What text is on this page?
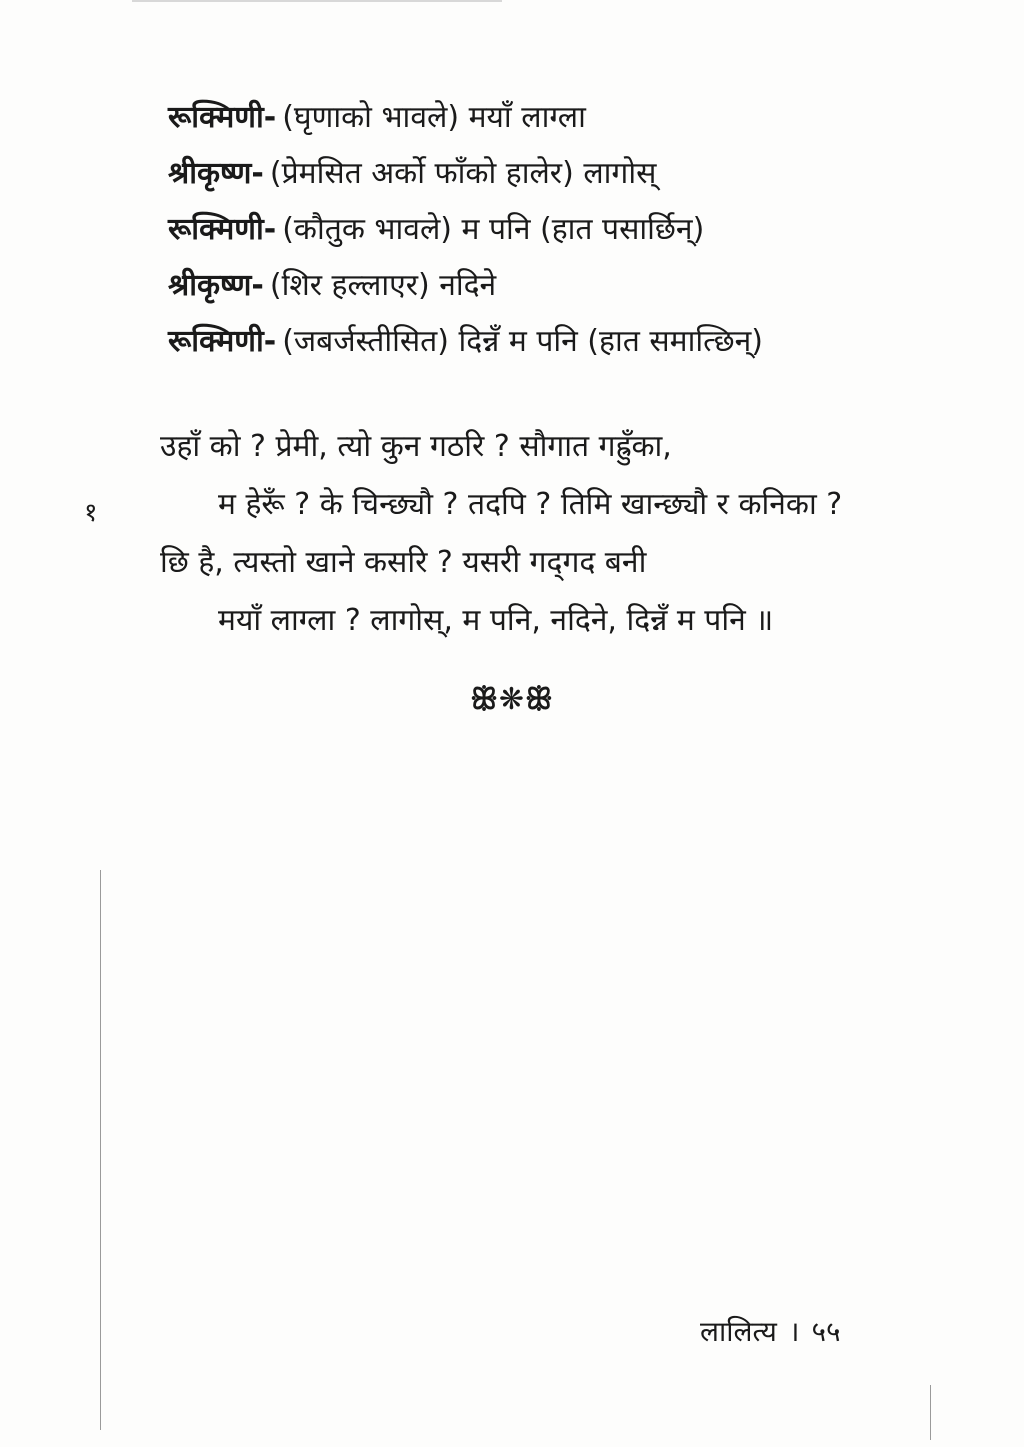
रूक्मिणी- (घृणाको भावले) मयाँ लाग्ला
श्रीकृष्ण- (प्रेमसित अर्को फाँको हालेर) लागोस्
रूक्मिणी- (कौतुक भावले) म पनि (हात पसार्छिन्)
श्रीकृष्ण- (शिर हल्लाएर) नदिने
रूक्मिणी- (जबर्जस्तीसित) दिन्नँ म पनि (हात समात्छिन्)
१
उहाँ को ? प्रेमी, त्यो कुन गठरि ? सौगात गह्रुँका,
म हेरूँ ? के चिन्छ्यौ ? तदपि ? तिमि खान्छ्यौ र कनिका ?
छि है, त्यस्तो खाने कसरि ? यसरी गद्‌गद बनी
मयाँ लाग्ला ? लागोस्, म पनि, नदिने, दिन्नँ म पनि ॥
ꕥ❋ꕥ
लालित्य । ५५
